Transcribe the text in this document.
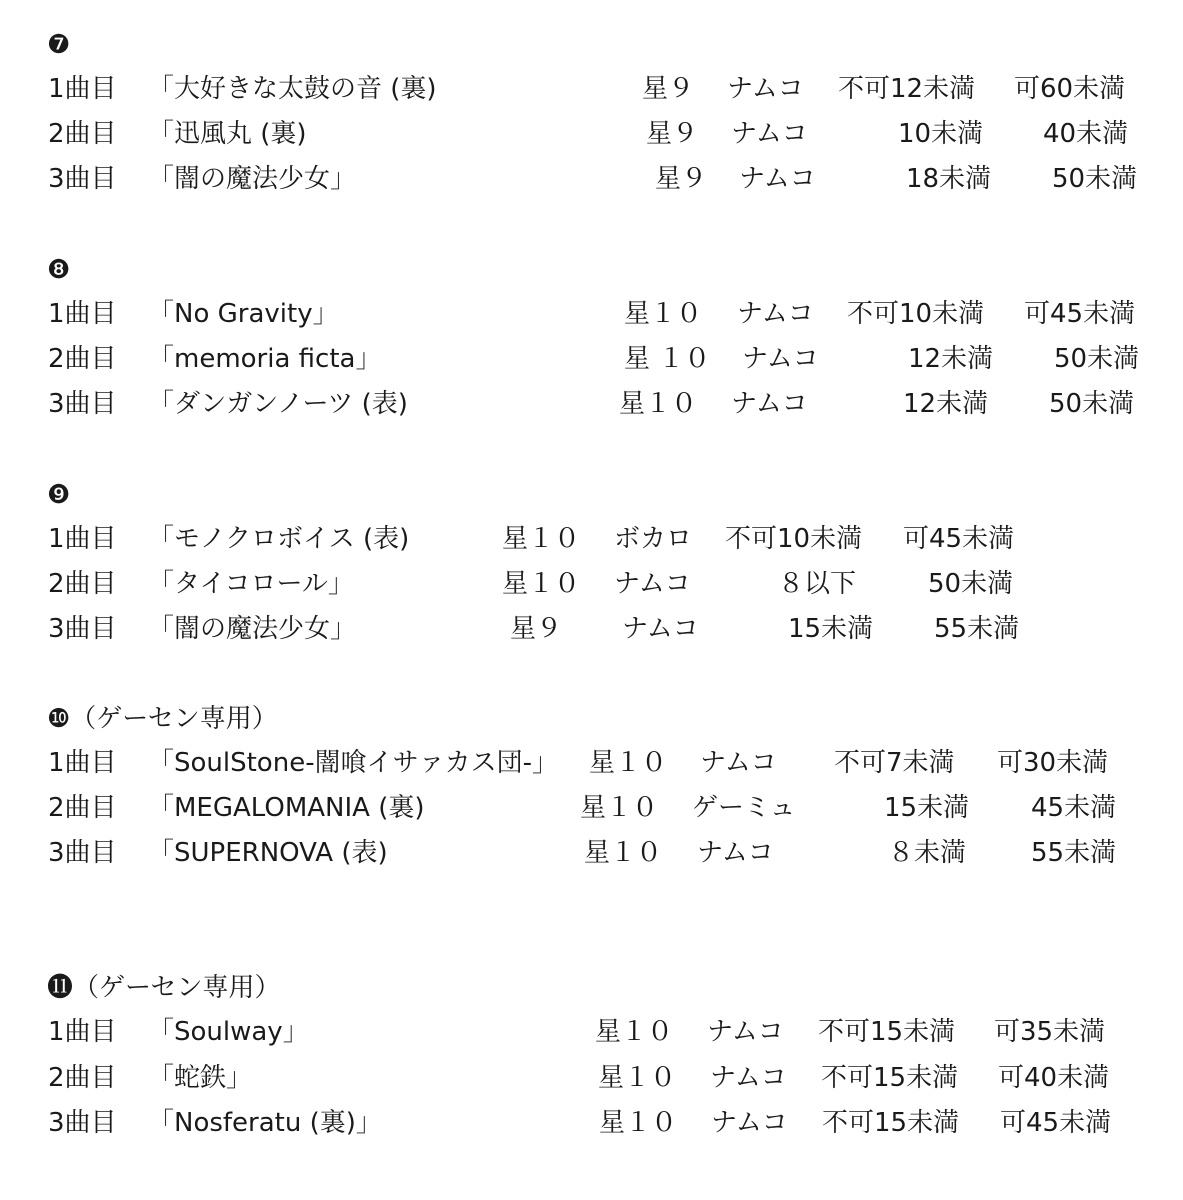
❼
1曲目 「大好きな太鼓の音 (裏)	星９ ナムコ 不可12未満 可60未満
2曲目 「迅風丸 (裏)	星９ ナムコ	10未満 40未満
3曲目 「闇の魔法少女」	星９ ナムコ	18未満 50未満
❽
1曲目 「No Gravity」	星１０ ナムコ 不可10未満 可45未満
2曲目 「memoria ficta」	星 １０ ナムコ	12未満 50未満
3曲目 「ダンガンノーツ (表)	星１０ ナムコ	12未満 50未満
❾
1曲目 「モノクロボイス (表)	星１０ ボカロ 不可10未満 可45未満
2曲目 「タイコロール」	星１０ ナムコ	８以下	50未満
3曲目 「闇の魔法少女」	星９ ナムコ	15未満 55未満
❿（ゲーセン専用）
1曲目 「SoulStone-闇喰イサァカス団-」 星１０ ナムコ 不可7未満 可30未満
2曲目 「MEGALOMANIA (裏)	星１０ ゲーミュ	15未満 45未満
3曲目 「SUPERNOVA (表)	星１０ ナムコ	８未満 55未満
⓫（ゲーセン専用）
1曲目 「Soulway」	星１０ ナムコ 不可15未満 可35未満
2曲目 「蛇鉄」	星１０ ナムコ 不可15未満 可40未満
3曲目 「Nosferatu (裏)」	星１０ ナムコ 不可15未満 可45未満
